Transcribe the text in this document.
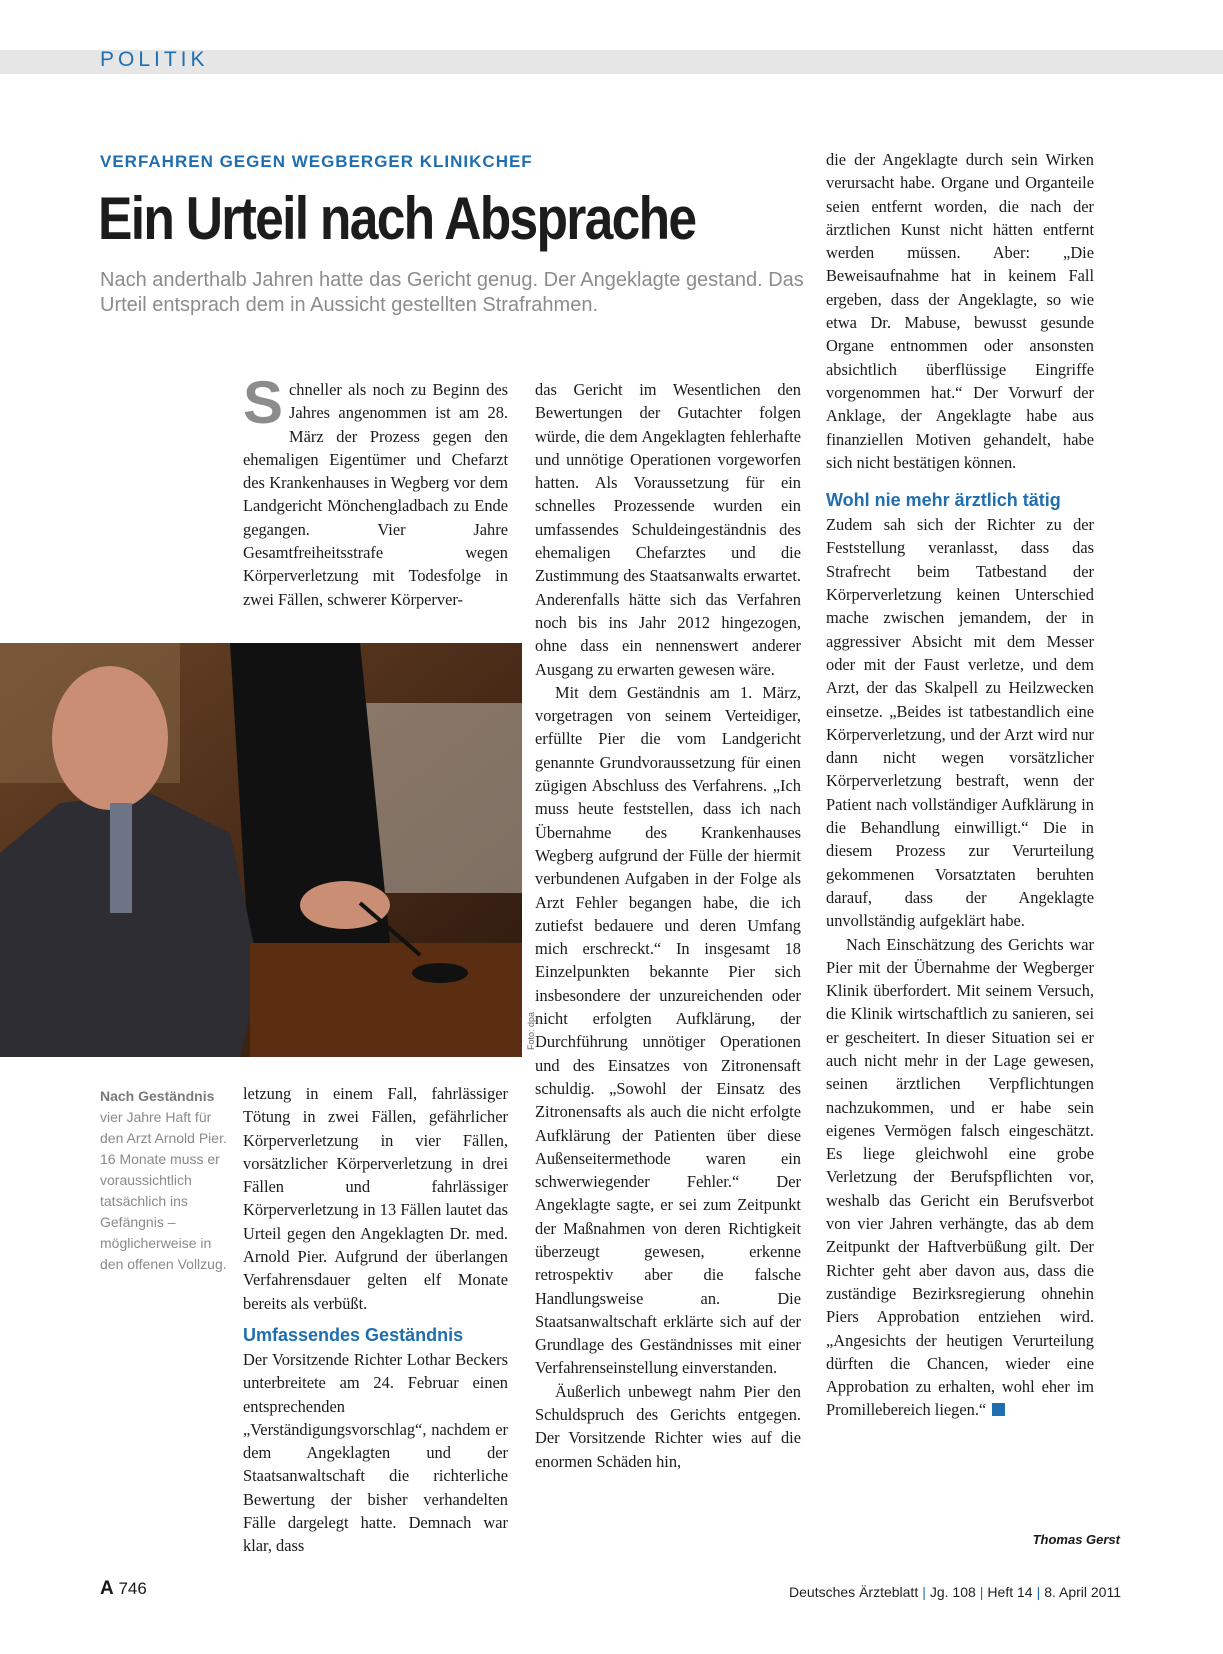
POLITIK
VERFAHREN GEGEN WEGBERGER KLINIKCHEF
Ein Urteil nach Absprache
Nach anderthalb Jahren hatte das Gericht genug. Der Angeklagte gestand. Das Urteil entsprach dem in Aussicht gestellten Strafrahmen.

Schneller als noch zu Beginn des Jahres angenommen ist am 28. März der Prozess gegen den ehemaligen Eigentümer und Chefarzt des Krankenhauses in Wegberg vor dem Landgericht Mönchengladbach zu Ende gegangen. Vier Jahre Gesamtfreiheitsstrafe wegen Körperverletzung mit Todesfolge in zwei Fällen, schwerer Körperver-

Foto: dpa
Nach Geständnis
vier Jahre Haft für den Arzt Arnold Pier. 16 Monate muss er voraussichtlich tatsächlich ins Gefängnis – möglicherweise in den offenen Vollzug.

letzung in einem Fall, fahrlässiger Tötung in zwei Fällen, gefährlicher Körperverletzung in vier Fällen, vorsätzlicher Körperverletzung in drei Fällen und fahrlässiger Körperverletzung in 13 Fällen lautet das Urteil gegen den Angeklagten Dr. med. Arnold Pier. Aufgrund der überlangen Verfahrensdauer gelten elf Monate bereits als verbüßt.

Umfassendes Geständnis

Der Vorsitzende Richter Lothar Beckers unterbreitete am 24. Februar einen entsprechenden „Verständigungsvorschlag“, nachdem er dem Angeklagten und der Staatsanwaltschaft die richterliche Bewertung der bisher verhandelten Fälle dargelegt hatte. Demnach war klar, dass

das Gericht im Wesentlichen den Bewertungen der Gutachter folgen würde, die dem Angeklagten fehlerhafte und unnötige Operationen vorgeworfen hatten. Als Voraussetzung für ein schnelles Prozessende wurden ein umfassendes Schuldeingeständnis des ehemaligen Chefarztes und die Zustimmung des Staatsanwalts erwartet. Anderenfalls hätte sich das Verfahren noch bis ins Jahr 2012 hingezogen, ohne dass ein nennenswert anderer Ausgang zu erwarten gewesen wäre.

Mit dem Geständnis am 1. März, vorgetragen von seinem Verteidiger, erfüllte Pier die vom Landgericht genannte Grundvoraussetzung für einen zügigen Abschluss des Verfahrens. „Ich muss heute feststellen, dass ich nach Übernahme des Krankenhauses Wegberg aufgrund der Fülle der hiermit verbundenen Aufgaben in der Folge als Arzt Fehler begangen habe, die ich zutiefst bedauere und deren Umfang mich erschreckt.“ In insgesamt 18 Einzelpunkten bekannte Pier sich insbesondere der unzureichenden oder nicht erfolgten Aufklärung, der Durchführung unnötiger Operationen und des Einsatzes von Zitronensaft schuldig. „Sowohl der Einsatz des Zitronensafts als auch die nicht erfolgte Aufklärung der Patienten über diese Außenseitermethode waren ein schwerwiegender Fehler.“ Der Angeklagte sagte, er sei zum Zeitpunkt der Maßnahmen von deren Richtigkeit überzeugt gewesen, erkenne retrospektiv aber die falsche Handlungsweise an. Die Staatsanwaltschaft erklärte sich auf der Grundlage des Geständnisses mit einer Verfahrenseinstellung einverstanden.

Äußerlich unbewegt nahm Pier den Schuldspruch des Gerichts entgegen. Der Vorsitzende Richter wies auf die enormen Schäden hin,

die der Angeklagte durch sein Wirken verursacht habe. Organe und Organteile seien entfernt worden, die nach der ärztlichen Kunst nicht hätten entfernt werden müssen. Aber: „Die Beweisaufnahme hat in keinem Fall ergeben, dass der Angeklagte, so wie etwa Dr. Mabuse, bewusst gesunde Organe entnommen oder ansonsten absichtlich überflüssige Eingriffe vorgenommen hat.“ Der Vorwurf der Anklage, der Angeklagte habe aus finanziellen Motiven gehandelt, habe sich nicht bestätigen können.

Wohl nie mehr ärztlich tätig

Zudem sah sich der Richter zu der Feststellung veranlasst, dass das Strafrecht beim Tatbestand der Körperverletzung keinen Unterschied mache zwischen jemandem, der in aggressiver Absicht mit dem Messer oder mit der Faust verletze, und dem Arzt, der das Skalpell zu Heilzwecken einsetze. „Beides ist tatbestandlich eine Körperverletzung, und der Arzt wird nur dann nicht wegen vorsätzlicher Körperverletzung bestraft, wenn der Patient nach vollständiger Aufklärung in die Behandlung einwilligt.“ Die in diesem Prozess zur Verurteilung gekommenen Vorsatztaten beruhten darauf, dass der Angeklagte unvollständig aufgeklärt habe.

Nach Einschätzung des Gerichts war Pier mit der Übernahme der Wegberger Klinik überfordert. Mit seinem Versuch, die Klinik wirtschaftlich zu sanieren, sei er gescheitert. In dieser Situation sei er auch nicht mehr in der Lage gewesen, seinen ärztlichen Verpflichtungen nachzukommen, und er habe sein eigenes Vermögen falsch eingeschätzt. Es liege gleichwohl eine grobe Verletzung der Berufspflichten vor, weshalb das Gericht ein Berufsverbot von vier Jahren verhängte, das ab dem Zeitpunkt der Haftverbüßung gilt. Der Richter geht aber davon aus, dass die zuständige Bezirksregierung ohnehin Piers Approbation entziehen wird. „Angesichts der heutigen Verurteilung dürften die Chancen, wieder eine Approbation zu erhalten, wohl eher im Promillebereich liegen.“

Thomas Gerst
A 746	Deutsches Ärzteblatt | Jg. 108 | Heft 14 | 8. April 2011
